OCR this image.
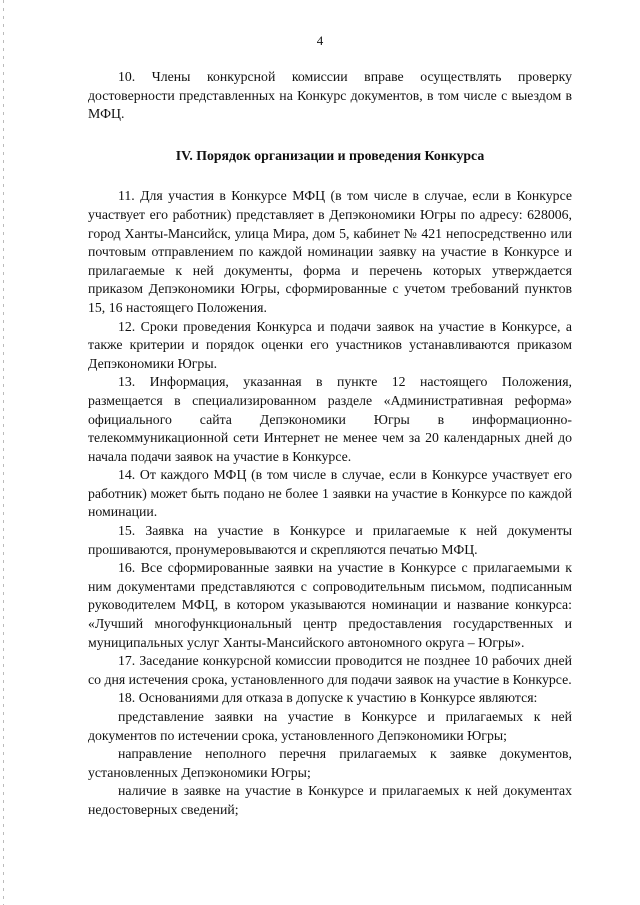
4

10. Члены конкурсной комиссии вправе осуществлять проверку достоверности представленных на Конкурс документов, в том числе с выездом в МФЦ.

IV. Порядок организации и проведения Конкурса

11. Для участия в Конкурсе МФЦ (в том числе в случае, если в Конкурсе участвует его работник) представляет в Депэкономики Югры по адресу: 628006, город Ханты-Мансийск, улица Мира, дом 5, кабинет № 421 непосредственно или почтовым отправлением по каждой номинации заявку на участие в Конкурсе и прилагаемые к ней документы, форма и перечень которых утверждается приказом Депэкономики Югры, сформированные с учетом требований пунктов 15, 16 настоящего Положения.

12. Сроки проведения Конкурса и подачи заявок на участие в Конкурсе, а также критерии и порядок оценки его участников устанавливаются приказом Депэкономики Югры.

13. Информация, указанная в пункте 12 настоящего Положения, размещается в специализированном разделе «Административная реформа» официального сайта Депэкономики Югры в информационно-телекоммуникационной сети Интернет не менее чем за 20 календарных дней до начала подачи заявок на участие в Конкурсе.

14. От каждого МФЦ (в том числе в случае, если в Конкурсе участвует его работник) может быть подано не более 1 заявки на участие в Конкурсе по каждой номинации.

15. Заявка на участие в Конкурсе и прилагаемые к ней документы прошиваются, пронумеровываются и скрепляются печатью МФЦ.

16. Все сформированные заявки на участие в Конкурсе с прилагаемыми к ним документами представляются с сопроводительным письмом, подписанным руководителем МФЦ, в котором указываются номинации и название конкурса: «Лучший многофункциональный центр предоставления государственных и муниципальных услуг Ханты-Мансийского автономного округа – Югры».

17. Заседание конкурсной комиссии проводится не позднее 10 рабочих дней со дня истечения срока, установленного для подачи заявок на участие в Конкурсе.

18. Основаниями для отказа в допуске к участию в Конкурсе являются:

представление заявки на участие в Конкурсе и прилагаемых к ней документов по истечении срока, установленного Депэкономики Югры;

направление неполного перечня прилагаемых к заявке документов, установленных Депэкономики Югры;

наличие в заявке на участие в Конкурсе и прилагаемых к ней документах недостоверных сведений;
